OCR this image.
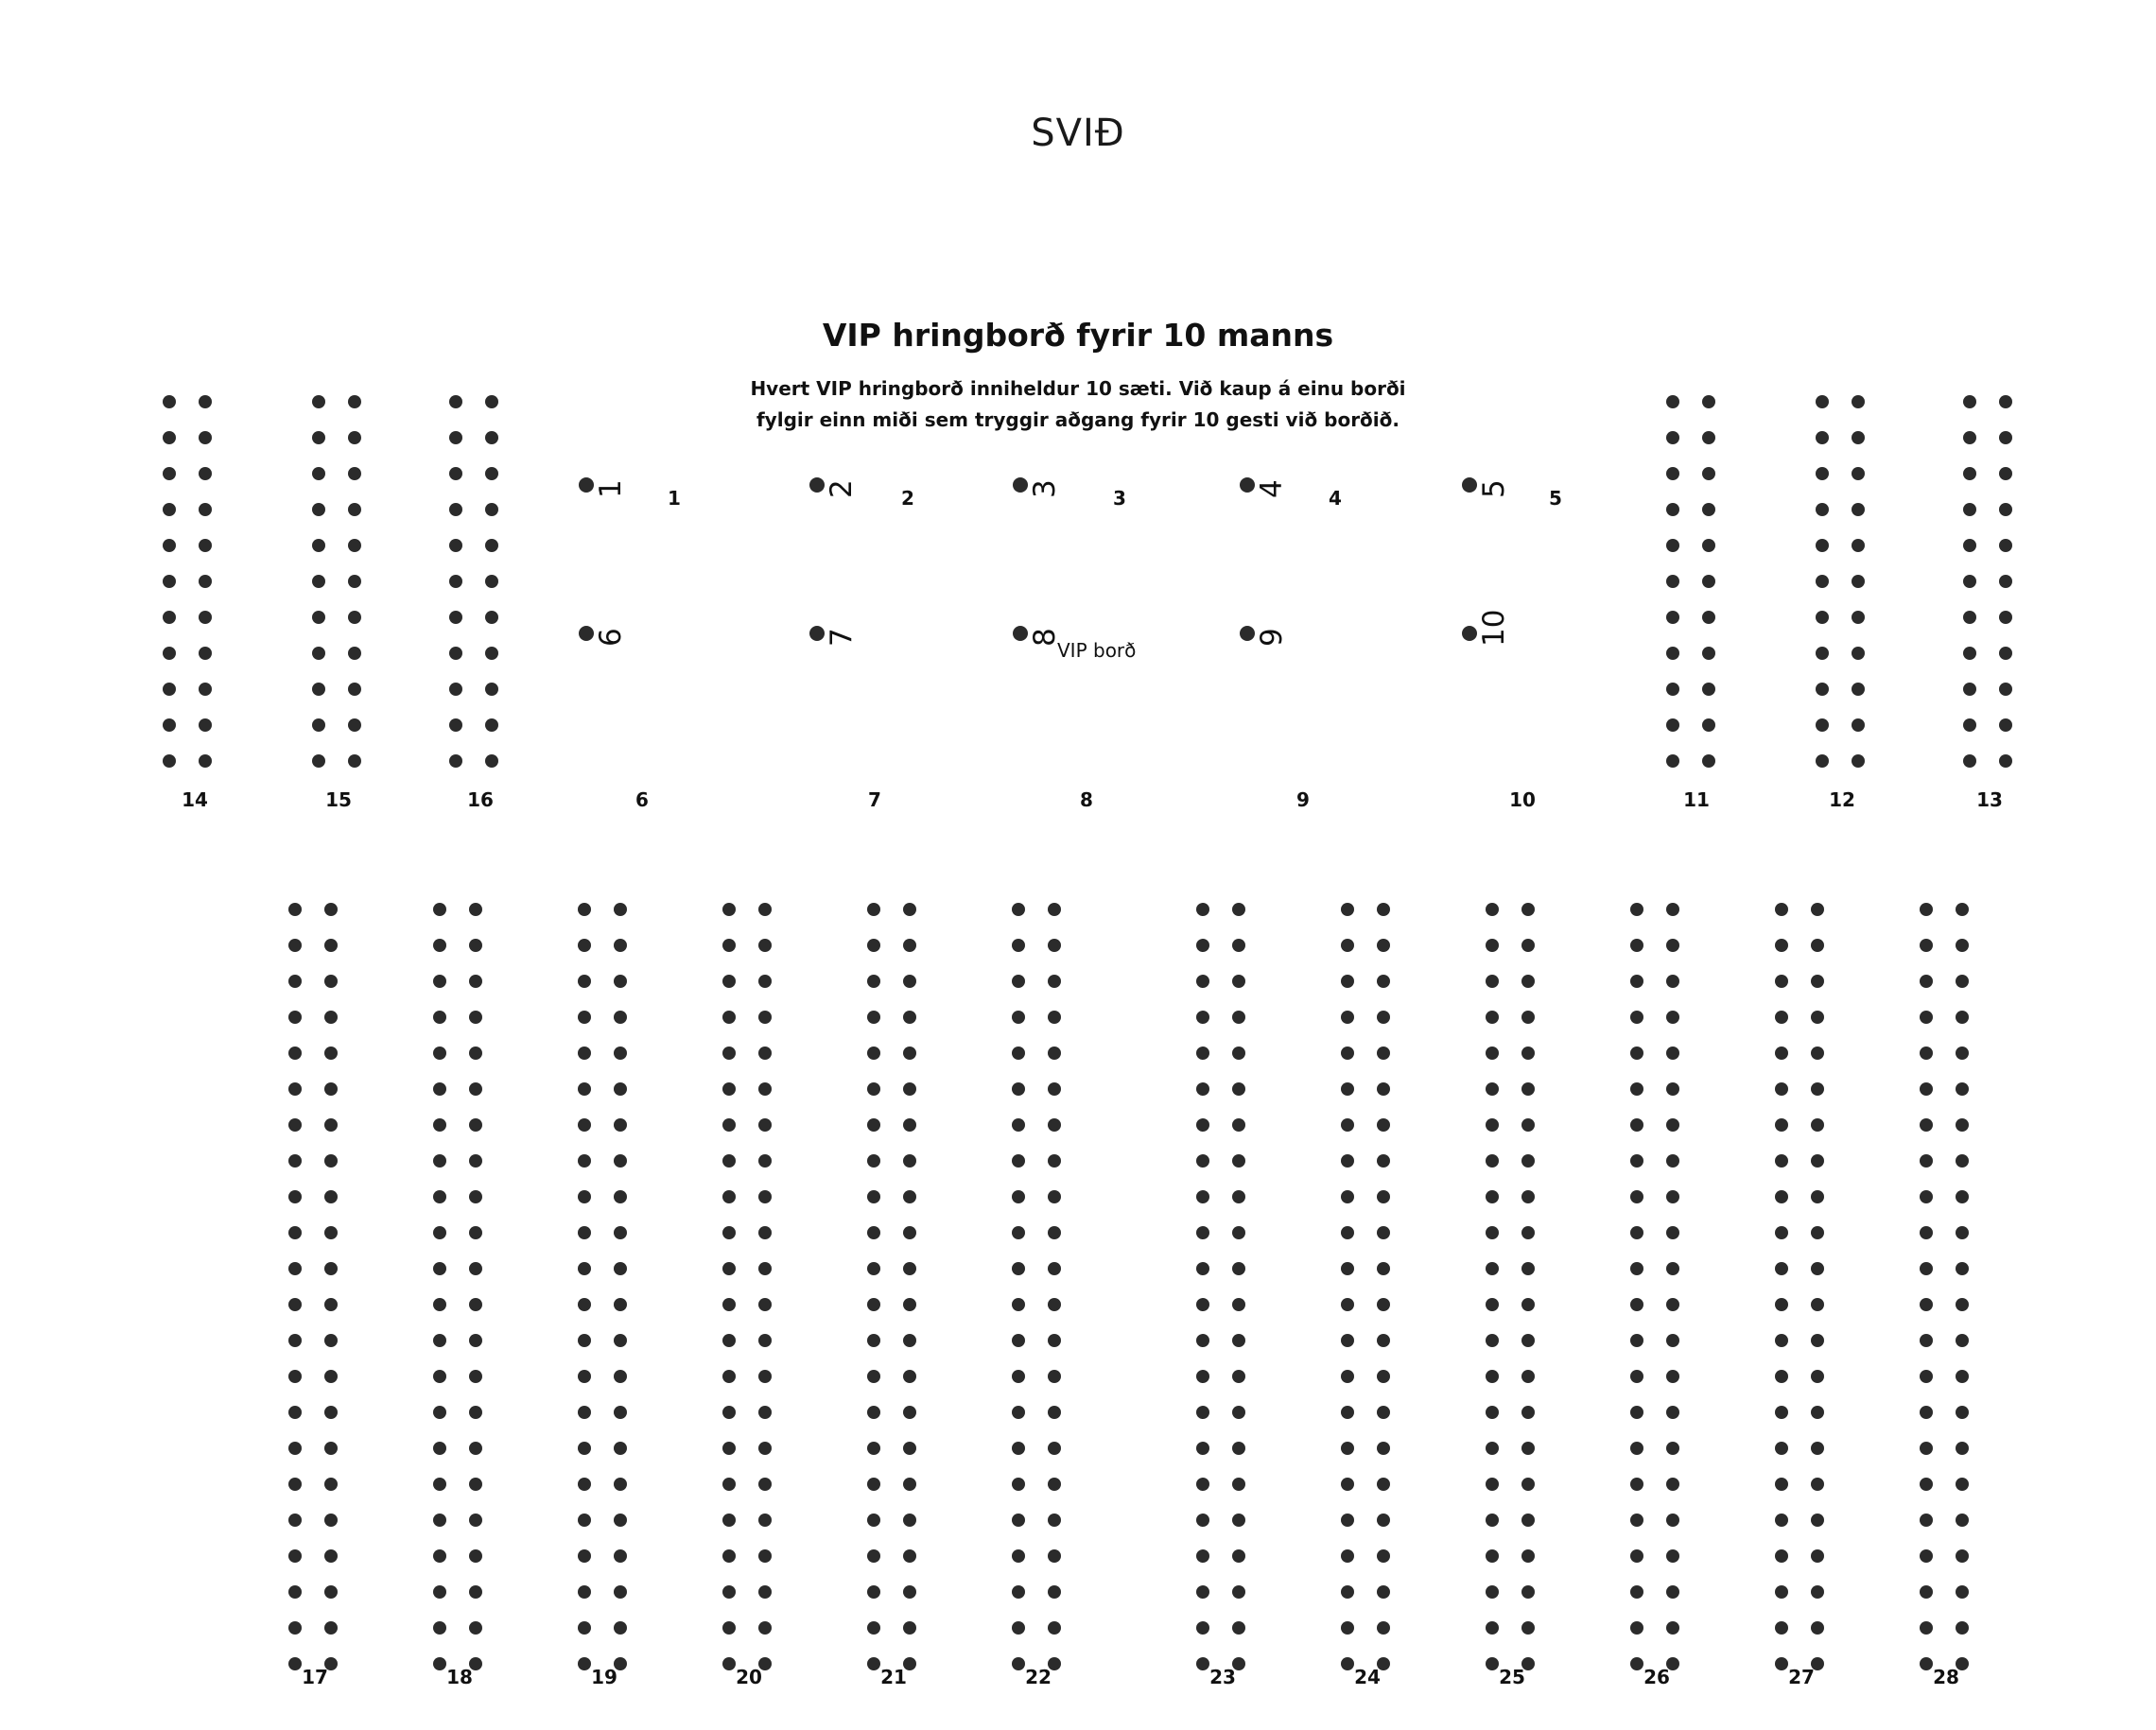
SVIÐ
VIP hringborð fyrir 10 manns
Hvert VIP hringborð inniheldur 10 sæti. Við kaup á einu borði
fylgir einn miði sem tryggir aðgang fyrir 10 gesti við borðið.
14	15	16	6	7	8	9	10	11	12	13
17	18	19	20	21	22	23	24	25	26	27	28
1	2	3	4	5
6	7	8	9	10
1	2	3	4	5
VIP borð
